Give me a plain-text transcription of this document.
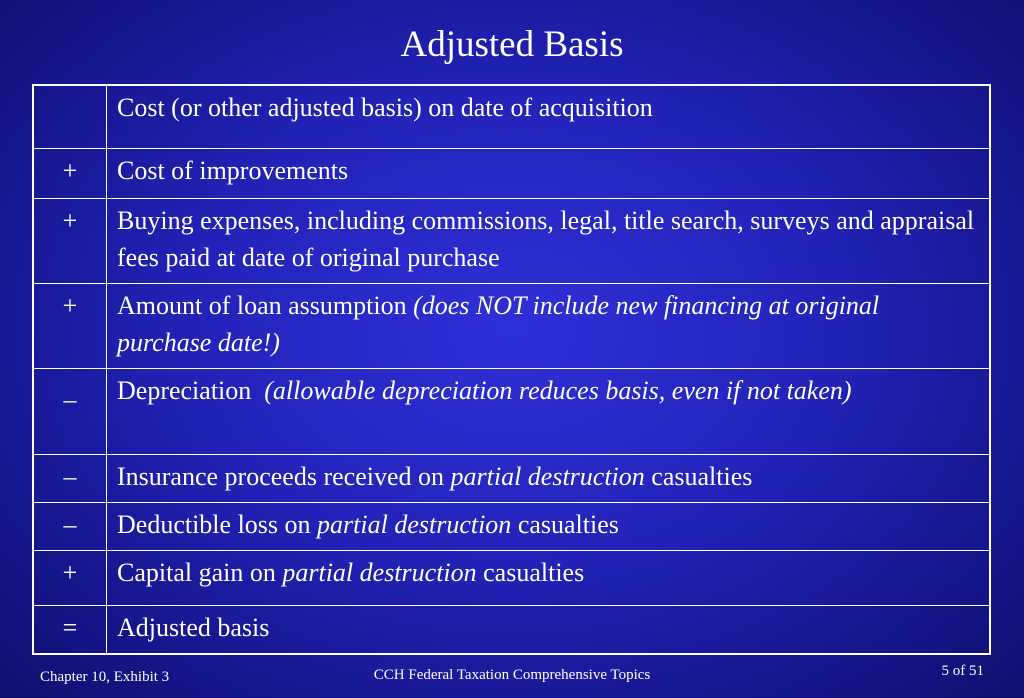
Adjusted Basis
	Cost (or other adjusted basis) on date of acquisition
+	Cost of improvements
+	Buying expenses, including commissions, legal, title search, surveys and appraisal fees paid at date of original purchase
+	Amount of loan assumption (does NOT include new financing at original purchase date!)
_	Depreciation  (allowable depreciation reduces basis, even if not taken)
–	Insurance proceeds received on partial destruction casualties
–	Deductible loss on partial destruction casualties
+	Capital gain on partial destruction casualties
=	Adjusted basis
Chapter 10, Exhibit 3	CCH Federal Taxation Comprehensive Topics	5 of 51
